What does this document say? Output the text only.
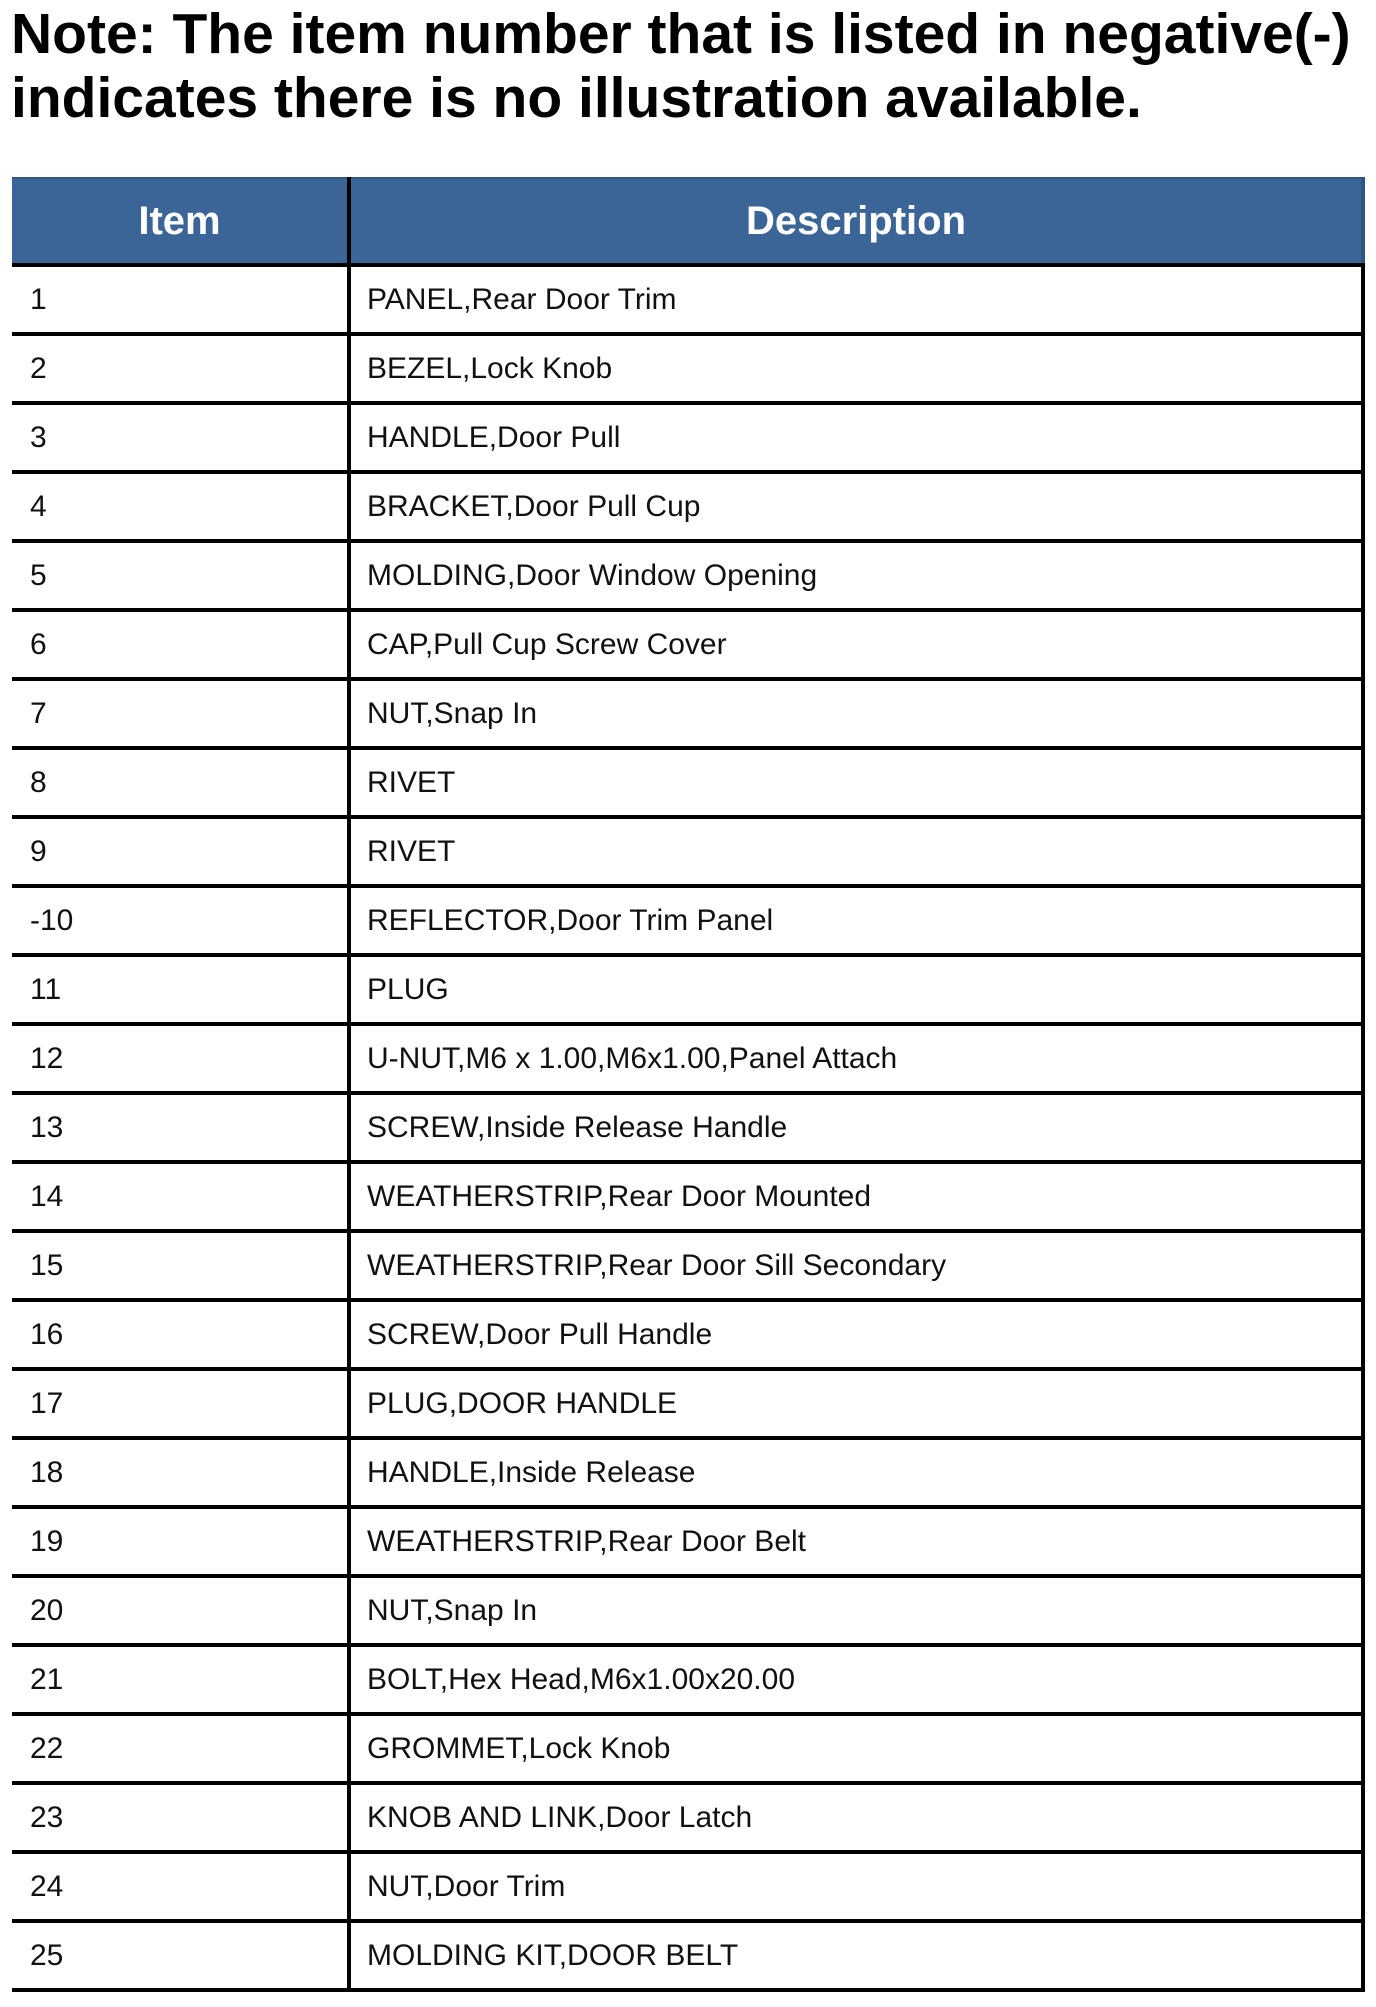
Note: The item number that is listed in negative(-)
indicates there is no illustration available.
Item	Description
1	PANEL,Rear Door Trim
2	BEZEL,Lock Knob
3	HANDLE,Door Pull
4	BRACKET,Door Pull Cup
5	MOLDING,Door Window Opening
6	CAP,Pull Cup Screw Cover
7	NUT,Snap In
8	RIVET
9	RIVET
-10	REFLECTOR,Door Trim Panel
11	PLUG
12	U-NUT,M6 x 1.00,M6x1.00,Panel Attach
13	SCREW,Inside Release Handle
14	WEATHERSTRIP,Rear Door Mounted
15	WEATHERSTRIP,Rear Door Sill Secondary
16	SCREW,Door Pull Handle
17	PLUG,DOOR HANDLE
18	HANDLE,Inside Release
19	WEATHERSTRIP,Rear Door Belt
20	NUT,Snap In
21	BOLT,Hex Head,M6x1.00x20.00
22	GROMMET,Lock Knob
23	KNOB AND LINK,Door Latch
24	NUT,Door Trim
25	MOLDING KIT,DOOR BELT
